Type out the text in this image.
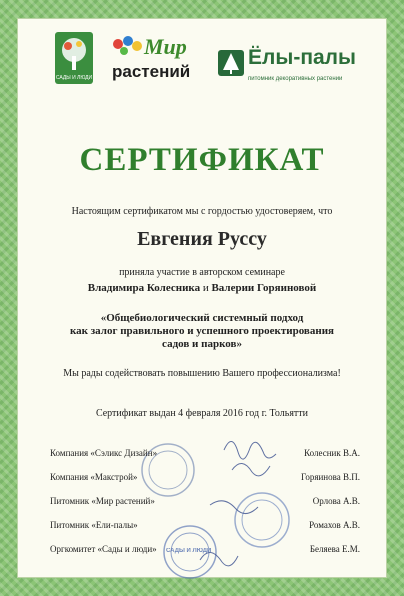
САДЫ И ЛЮДИ
Мир
растений
Ёлы-палы
питомник декоративных растений
СЕРТИФИКАТ
Настоящим сертификатом мы с гордостью удостоверяем, что
Евгения Руссу
приняла участие в авторском семинаре
Владимира Колесника и Валерии Горяиновой
«Общебиологический системный подход
как залог правильного и успешного проектирования
садов и парков»
Мы рады содействовать повышению Вашего профессионализма!
Сертификат выдан 4 февраля 2016 год г. Тольятти
Компания «Сэликс Дизайн»	Колесник В.А.
Компания «Макстрой»	Горяинова В.П.
Питомник «Мир растений»	Орлова А.В.
Питомник «Ели-палы»	Ромахов А.В.
Оргкомитет «Сады и люди»	Беляева Е.М.
САДЫ И ЛЮДИ
